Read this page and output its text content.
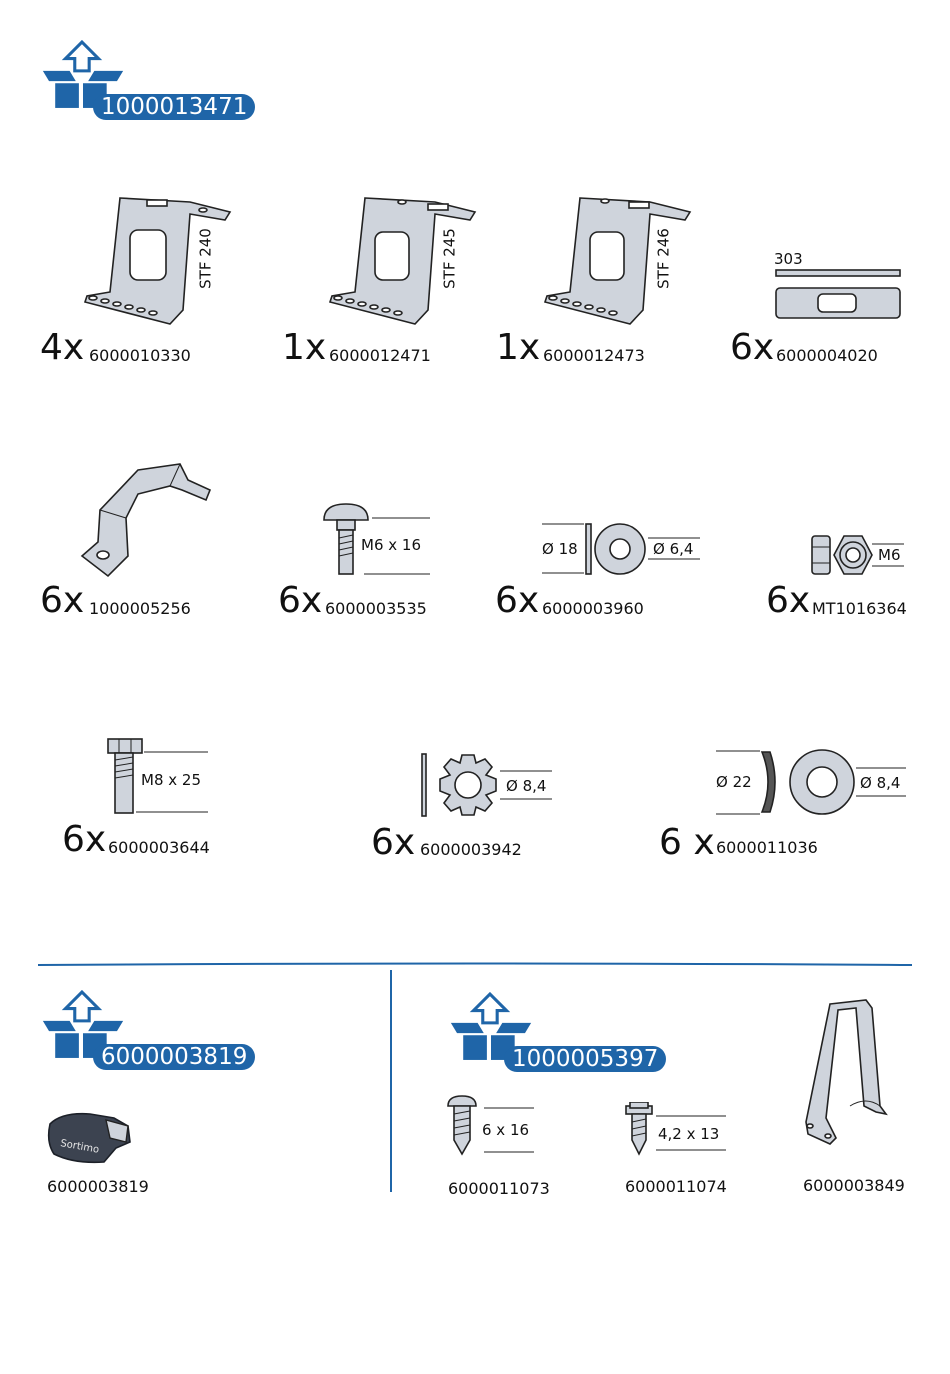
1000013471
STF 240
4x 6000010330
STF 245
1x 6000012471
STF 246
1x 6000012473
303
6x 6000004020
6x 1000005256
M6 x 16
6x 6000003535
Ø 18	Ø 6,4
6x 6000003960
M6
6x MT1016364
M8 x 25
6x 6000003644
Ø 8,4
6x 6000003942
Ø 22	Ø 8,4
6 x 6000011036
6000003819
Sortimo
6000003819
1000005397
6 x 16
6000011073
4,2 x 13
6000011074	6000003849
